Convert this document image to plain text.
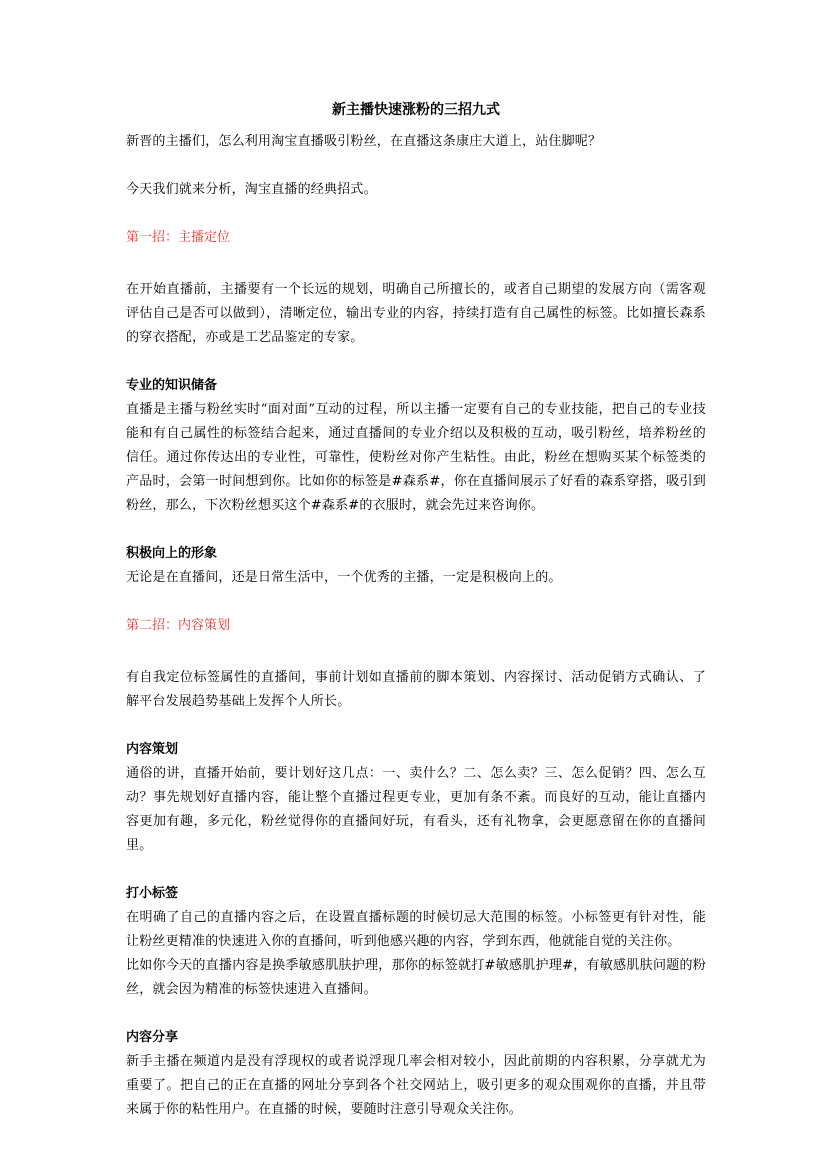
新主播快速涨粉的三招九式

新晋的主播们，怎么利用淘宝直播吸引粉丝，在直播这条康庄大道上，站住脚呢？

今天我们就来分析，淘宝直播的经典招式。

第一招：主播定位

在开始直播前，主播要有一个长远的规划，明确自己所擅长的，或者自己期望的发展方向（需客观评估自己是否可以做到），清晰定位，输出专业的内容，持续打造有自己属性的标签。比如擅长森系的穿衣搭配，亦或是工艺品鉴定的专家。

专业的知识储备

直播是主播与粉丝实时“面对面”互动的过程，所以主播一定要有自己的专业技能，把自己的专业技能和有自己属性的标签结合起来，通过直播间的专业介绍以及积极的互动，吸引粉丝，培养粉丝的信任。通过你传达出的专业性，可靠性，使粉丝对你产生粘性。由此，粉丝在想购买某个标签类的产品时，会第一时间想到你。比如你的标签是#森系#，你在直播间展示了好看的森系穿搭，吸引到粉丝，那么，下次粉丝想买这个#森系#的衣服时，就会先过来咨询你。

积极向上的形象

无论是在直播间，还是日常生活中，一个优秀的主播，一定是积极向上的。

第二招：内容策划

有自我定位标签属性的直播间，事前计划如直播前的脚本策划、内容探讨、活动促销方式确认、了解平台发展趋势基础上发挥个人所长。

内容策划

通俗的讲，直播开始前，要计划好这几点：一、卖什么？二、怎么卖？三、怎么促销？四、怎么互动？事先规划好直播内容，能让整个直播过程更专业，更加有条不紊。而良好的互动，能让直播内容更加有趣，多元化，粉丝觉得你的直播间好玩，有看头，还有礼物拿，会更愿意留在你的直播间里。

打小标签

在明确了自己的直播内容之后，在设置直播标题的时候切忌大范围的标签。小标签更有针对性，能让粉丝更精准的快速进入你的直播间，听到他感兴趣的内容，学到东西，他就能自觉的关注你。

比如你今天的直播内容是换季敏感肌肤护理，那你的标签就打#敏感肌护理#，有敏感肌肤问题的粉丝，就会因为精准的标签快速进入直播间。

内容分享

新手主播在频道内是没有浮现权的或者说浮现几率会相对较小，因此前期的内容积累，分享就尤为重要了。把自己的正在直播的网址分享到各个社交网站上，吸引更多的观众围观你的直播，并且带来属于你的粘性用户。在直播的时候，要随时注意引导观众关注你。
